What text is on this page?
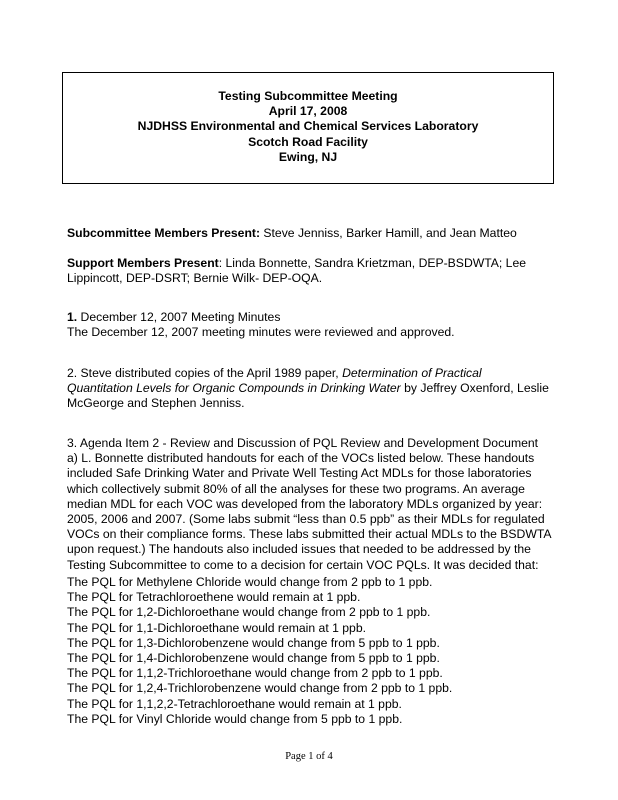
Testing Subcommittee Meeting
April 17, 2008
NJDHSS Environmental and Chemical Services Laboratory
Scotch Road Facility
Ewing, NJ

Subcommittee Members Present: Steve Jenniss, Barker Hamill, and Jean Matteo

Support Members Present: Linda Bonnette, Sandra Krietzman, DEP-BSDWTA; Lee

Lippincott, DEP-DSRT; Bernie Wilk- DEP-OQA.

1. December 12, 2007 Meeting Minutes

The December 12, 2007 meeting minutes were reviewed and approved.

2. Steve distributed copies of the April 1989 paper, Determination of Practical

Quantitation Levels for Organic Compounds in Drinking Water by Jeffrey Oxenford, Leslie

McGeorge and Stephen Jenniss.

3. Agenda Item 2 - Review and Discussion of PQL Review and Development Document

a) L. Bonnette distributed handouts for each of the VOCs listed below. These handouts

included Safe Drinking Water and Private Well Testing Act MDLs for those laboratories

which collectively submit 80% of all the analyses for these two programs. An average

median MDL for each VOC was developed from the laboratory MDLs organized by year:

2005, 2006 and 2007. (Some labs submit “less than 0.5 ppb” as their MDLs for regulated

VOCs on their compliance forms. These labs submitted their actual MDLs to the BSDWTA

upon request.) The handouts also included issues that needed to be addressed by the

Testing Subcommittee to come to a decision for certain VOC PQLs. It was decided that:

The PQL for Methylene Chloride would change from 2 ppb to 1 ppb.

The PQL for Tetrachloroethene would remain at 1 ppb.

The PQL for 1,2-Dichloroethane would change from 2 ppb to 1 ppb.

The PQL for 1,1-Dichloroethane would remain at 1 ppb.

The PQL for 1,3-Dichlorobenzene would change from 5 ppb to 1 ppb.

The PQL for 1,4-Dichlorobenzene would change from 5 ppb to 1 ppb.

The PQL for 1,1,2-Trichloroethane would change from 2 ppb to 1 ppb.

The PQL for 1,2,4-Trichlorobenzene would change from 2 ppb to 1 ppb.

The PQL for 1,1,2,2-Tetrachloroethane would remain at 1 ppb.

The PQL for Vinyl Chloride would change from 5 ppb to 1 ppb.

Page 1 of 4
